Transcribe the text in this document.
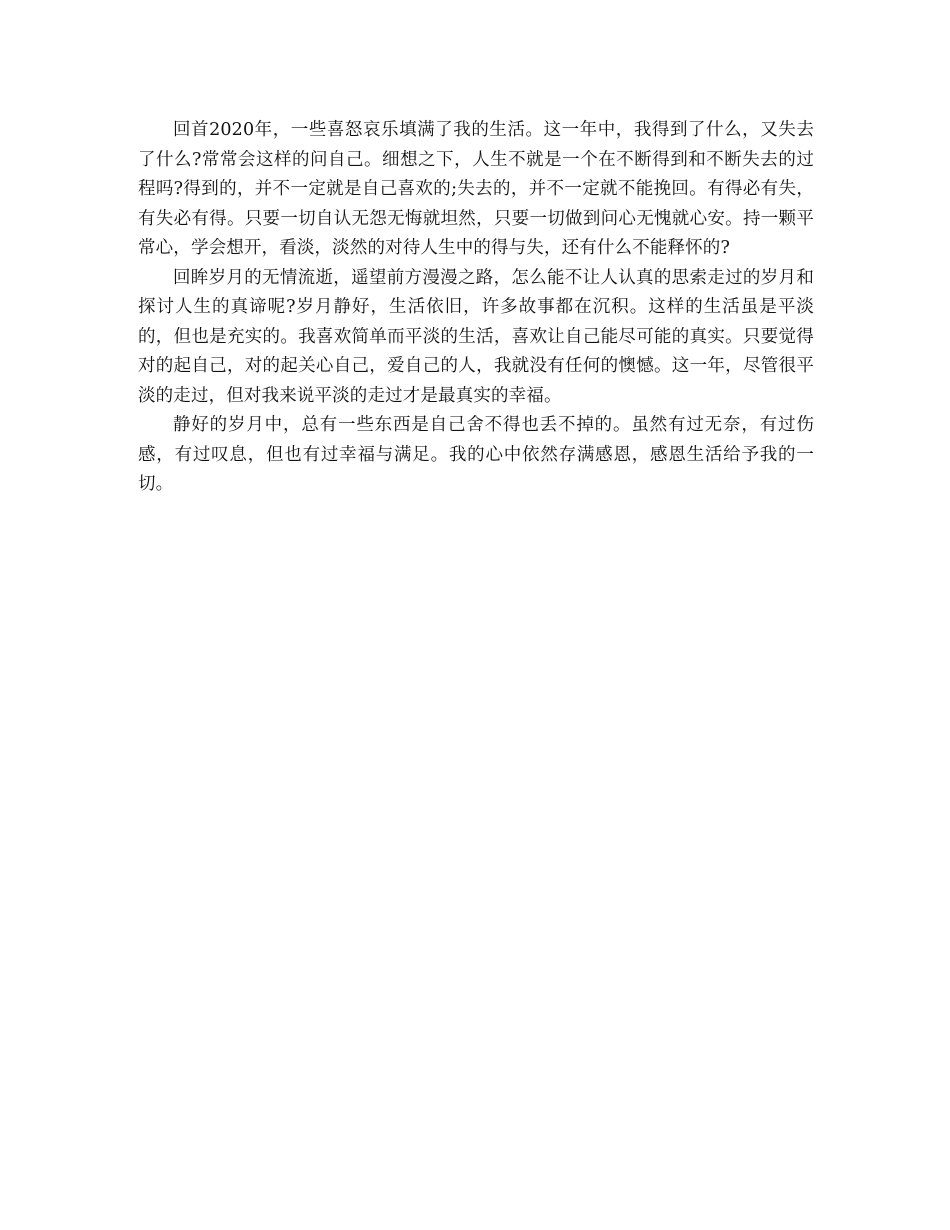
回首2020年，一些喜怒哀乐填满了我的生活。这一年中，我得到了什么，又失去了什么?常常会这样的问自己。细想之下，人生不就是一个在不断得到和不断失去的过程吗?得到的，并不一定就是自己喜欢的;失去的，并不一定就不能挽回。有得必有失，有失必有得。只要一切自认无怨无悔就坦然，只要一切做到问心无愧就心安。持一颗平常心，学会想开，看淡，淡然的对待人生中的得与失，还有什么不能释怀的?

回眸岁月的无情流逝，遥望前方漫漫之路，怎么能不让人认真的思索走过的岁月和探讨人生的真谛呢?岁月静好，生活依旧，许多故事都在沉积。这样的生活虽是平淡的，但也是充实的。我喜欢简单而平淡的生活，喜欢让自己能尽可能的真实。只要觉得对的起自己，对的起关心自己，爱自己的人，我就没有任何的懊憾。这一年，尽管很平淡的走过，但对我来说平淡的走过才是最真实的幸福。

静好的岁月中，总有一些东西是自己舍不得也丢不掉的。虽然有过无奈，有过伤感，有过叹息，但也有过幸福与满足。我的心中依然存满感恩，感恩生活给予我的一切。
